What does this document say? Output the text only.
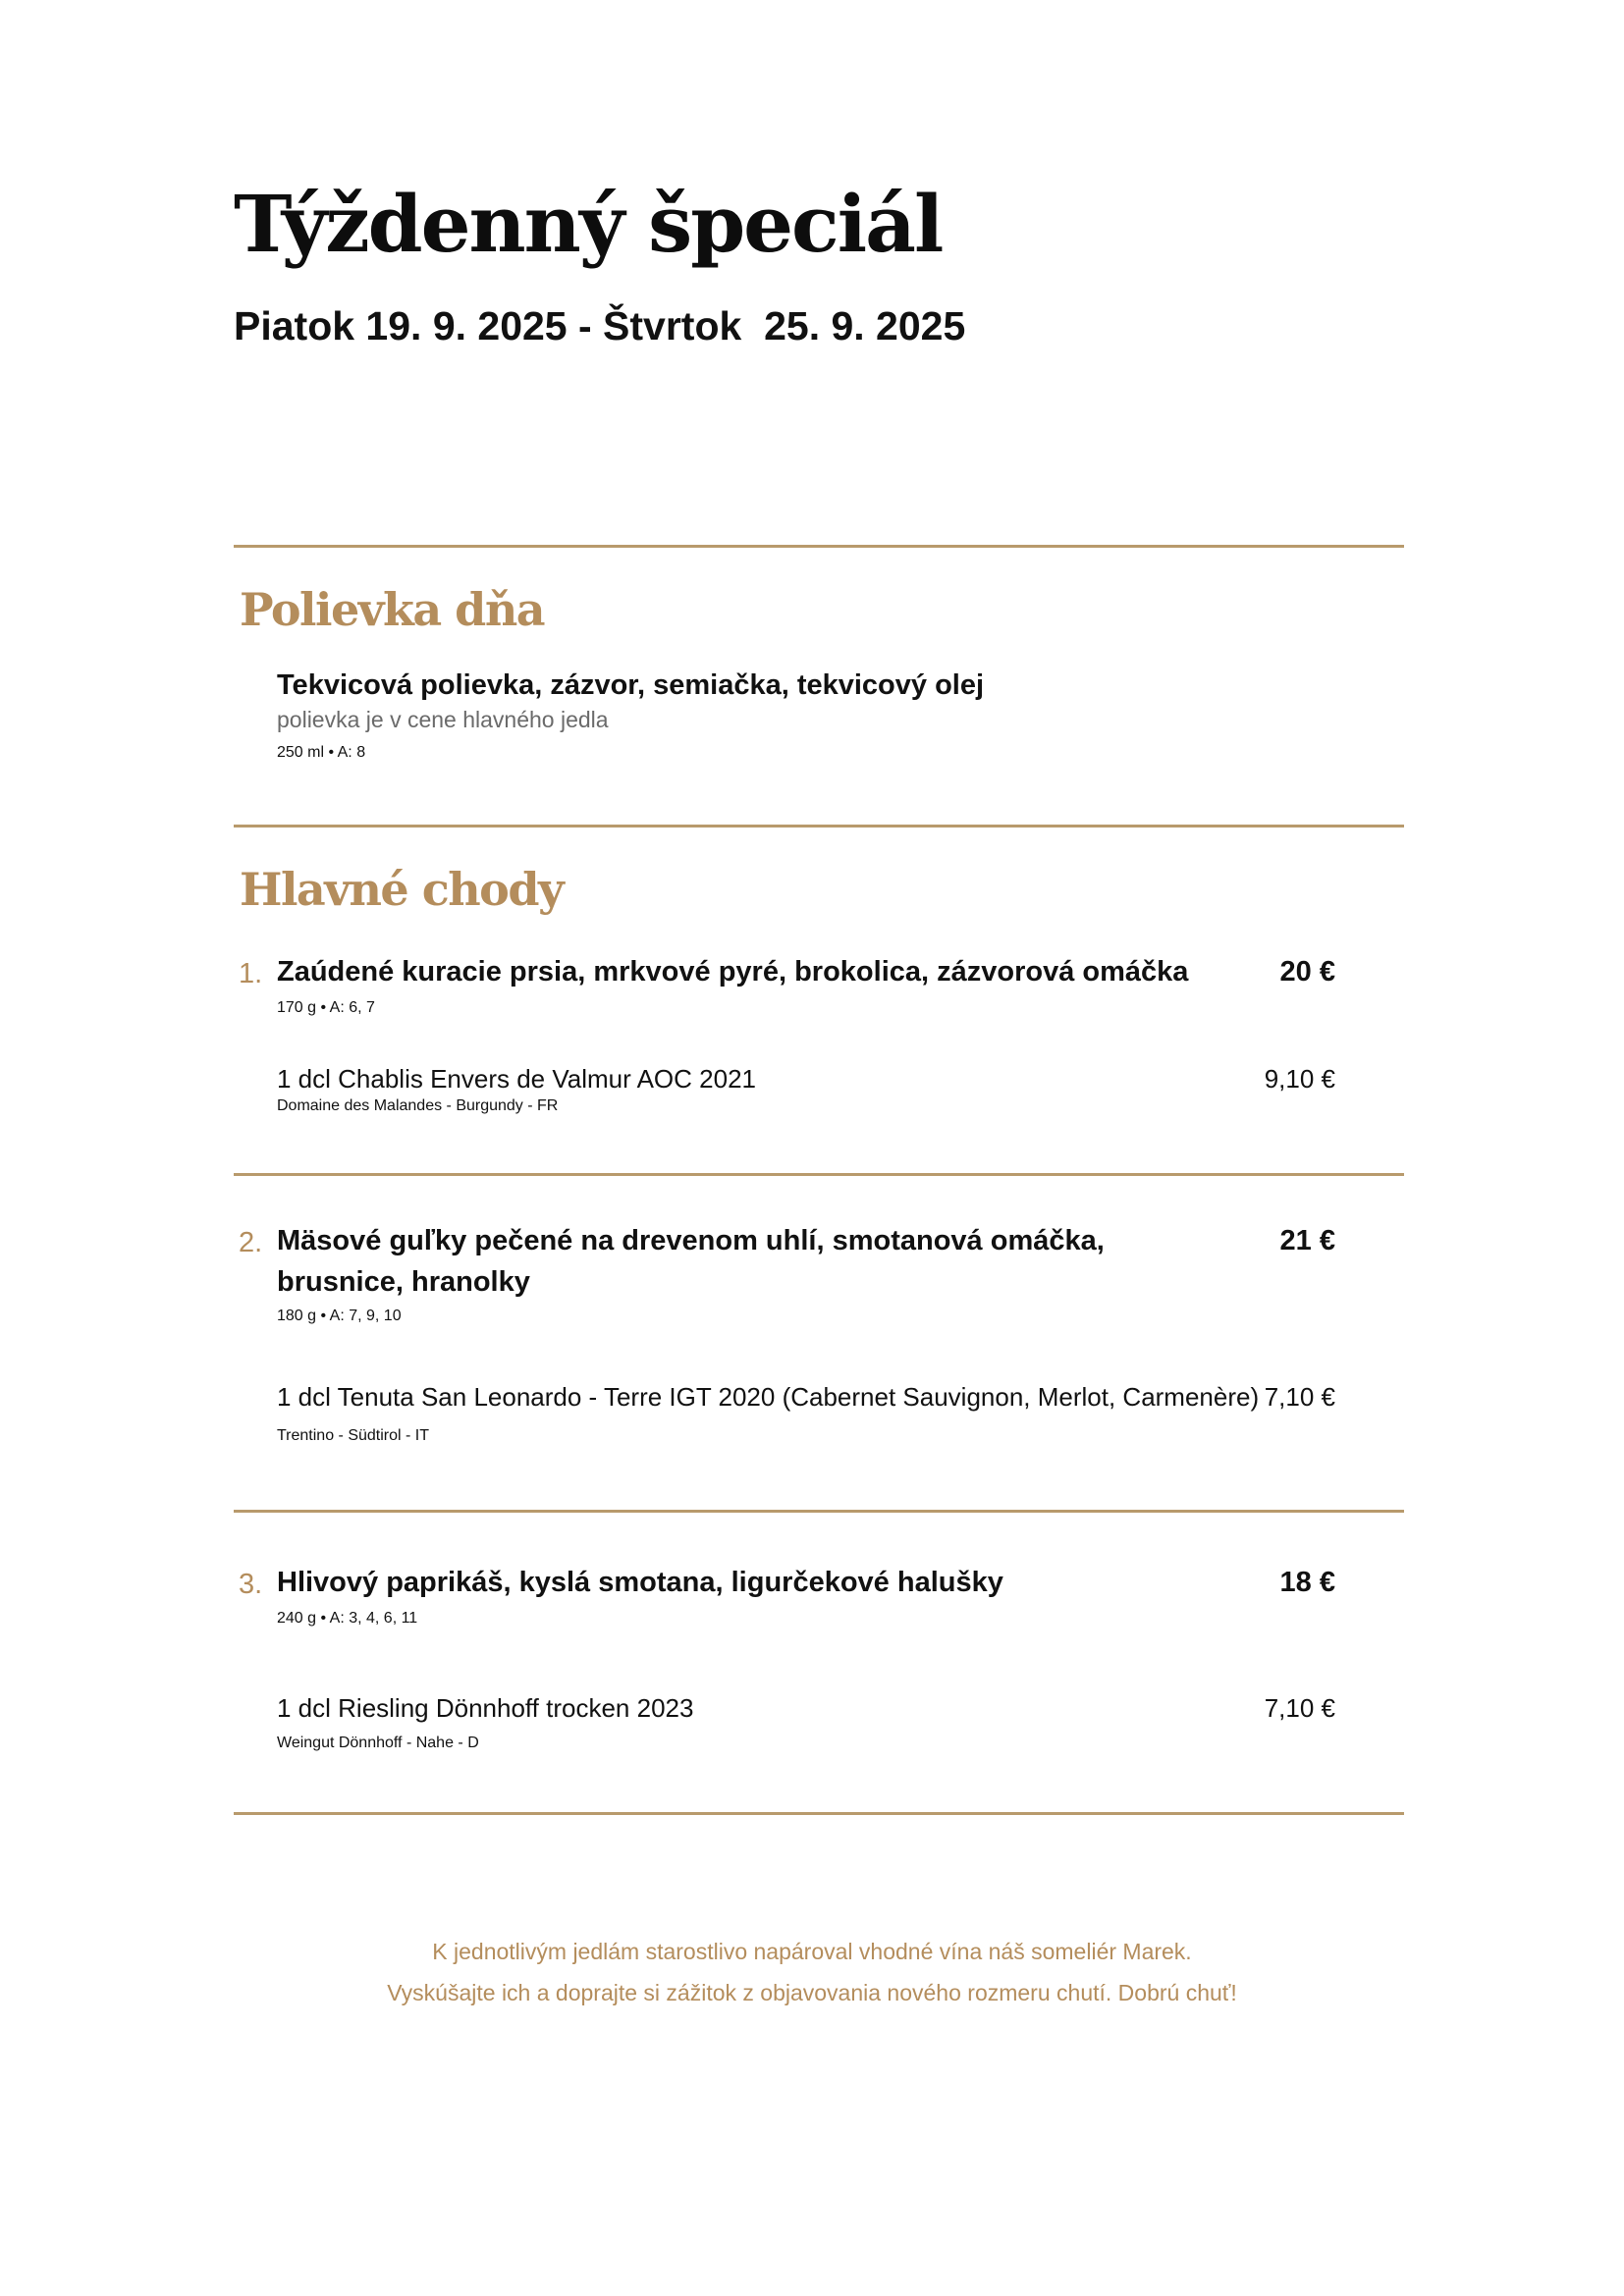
Týždenný špeciál
Piatok 19. 9. 2025 - Štvrtok  25. 9. 2025
Polievka dňa
Tekvicová polievka, zázvor, semiačka, tekvicový olej
polievka je v cene hlavného jedla
250 ml • A: 8
Hlavné chody
1. Zaúdené kuracie prsia, mrkvové pyré, brokolica, zázvorová omáčka	20 €
170 g • A: 6, 7
1 dcl Chablis Envers de Valmur AOC 2021	9,10 €
Domaine des Malandes - Burgundy - FR
2. Mäsové guľky pečené na drevenom uhlí, smotanová omáčka, brusnice, hranolky
21 €
180 g • A: 7, 9, 10
1 dcl Tenuta San Leonardo - Terre IGT 2020 (Cabernet Sauvignon, Merlot, Carmenère) 7,10 €
Trentino - Südtirol - IT
3. Hlivový paprikáš, kyslá smotana, ligurčekové halušky	18 €
240 g • A: 3, 4, 6, 11
1 dcl Riesling Dönnhoff trocken 2023	7,10 €
Weingut Dönnhoff - Nahe - D
K jednotlivým jedlám starostlivo napároval vhodné vína náš someliér Marek.
Vyskúšajte ich a doprajte si zážitok z objavovania nového rozmeru chutí. Dobrú chuť!
